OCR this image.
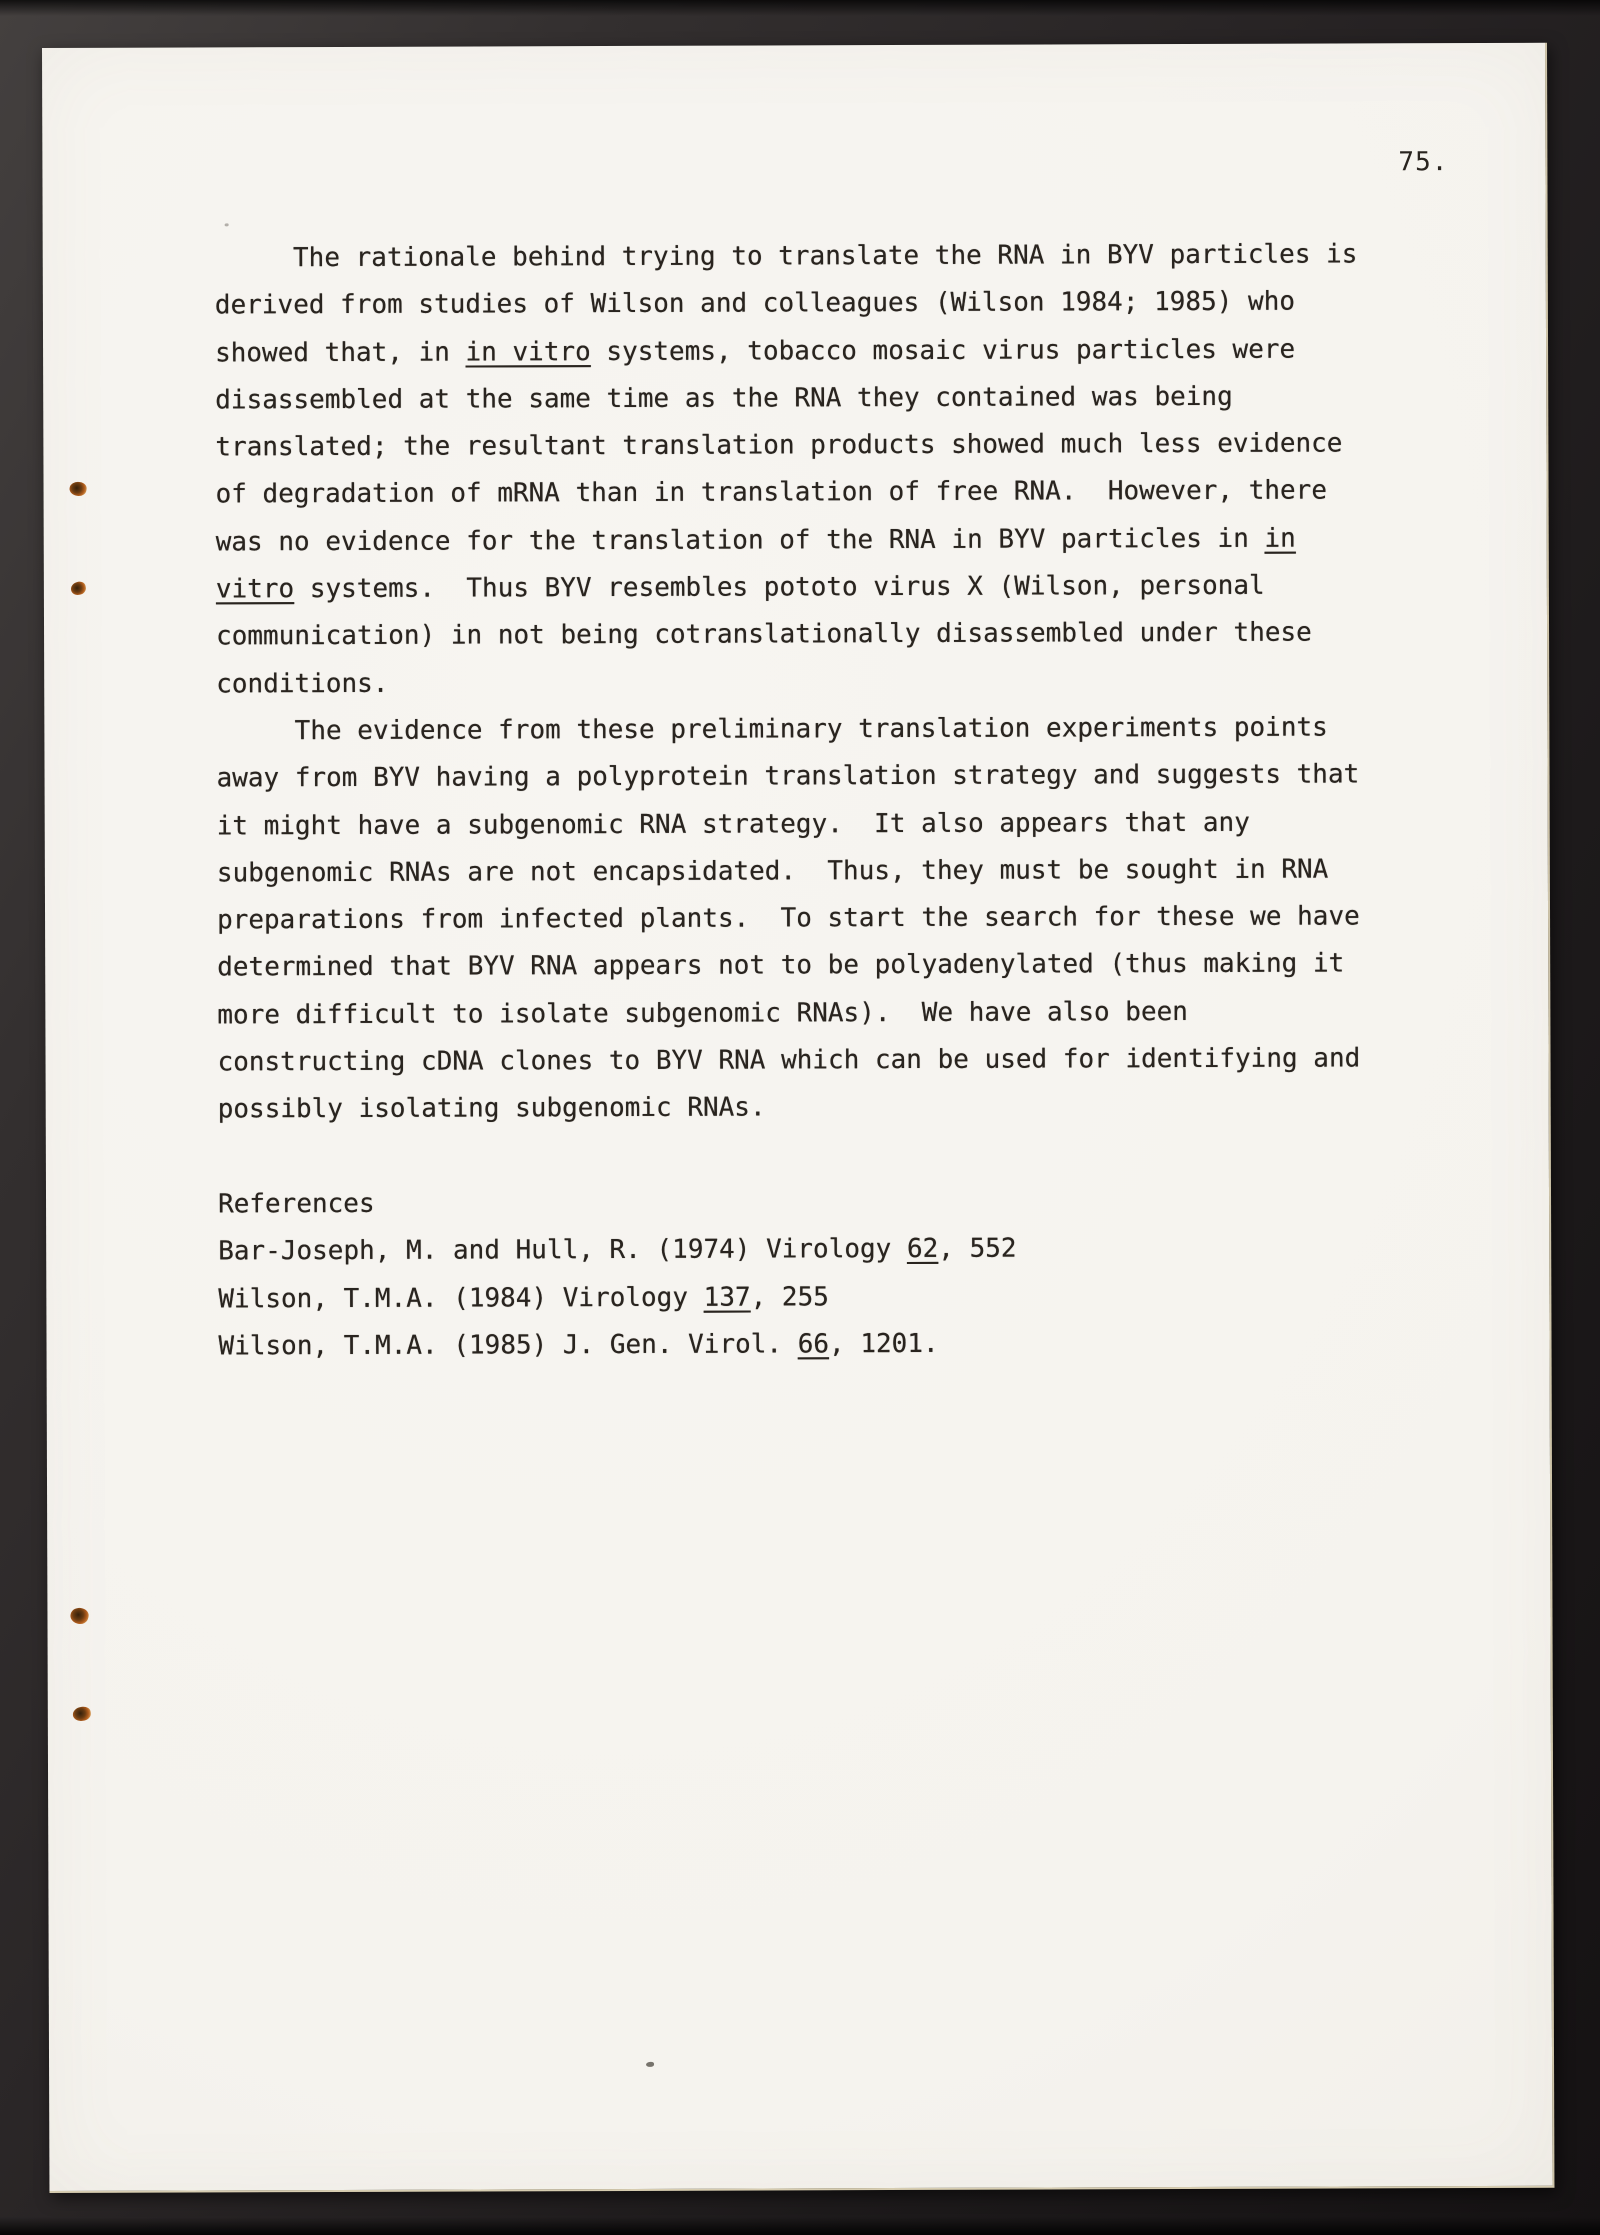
75.
The rationale behind trying to translate the RNA in BYV particles is
derived from studies of Wilson and colleagues (Wilson 1984; 1985) who
showed that, in in vitro systems, tobacco mosaic virus particles were
disassembled at the same time as the RNA they contained was being
translated; the resultant translation products showed much less evidence
of degradation of mRNA than in translation of free RNA.  However, there
was no evidence for the translation of the RNA in BYV particles in in
vitro systems.  Thus BYV resembles pototo virus X (Wilson, personal
communication) in not being cotranslationally disassembled under these
conditions.
The evidence from these preliminary translation experiments points
away from BYV having a polyprotein translation strategy and suggests that
it might have a subgenomic RNA strategy.  It also appears that any
subgenomic RNAs are not encapsidated.  Thus, they must be sought in RNA
preparations from infected plants.  To start the search for these we have
determined that BYV RNA appears not to be polyadenylated (thus making it
more difficult to isolate subgenomic RNAs).  We have also been
constructing cDNA clones to BYV RNA which can be used for identifying and
possibly isolating subgenomic RNAs.
References
Bar-Joseph, M. and Hull, R. (1974) Virology 62, 552
Wilson, T.M.A. (1984) Virology 137, 255
Wilson, T.M.A. (1985) J. Gen. Virol. 66, 1201.
